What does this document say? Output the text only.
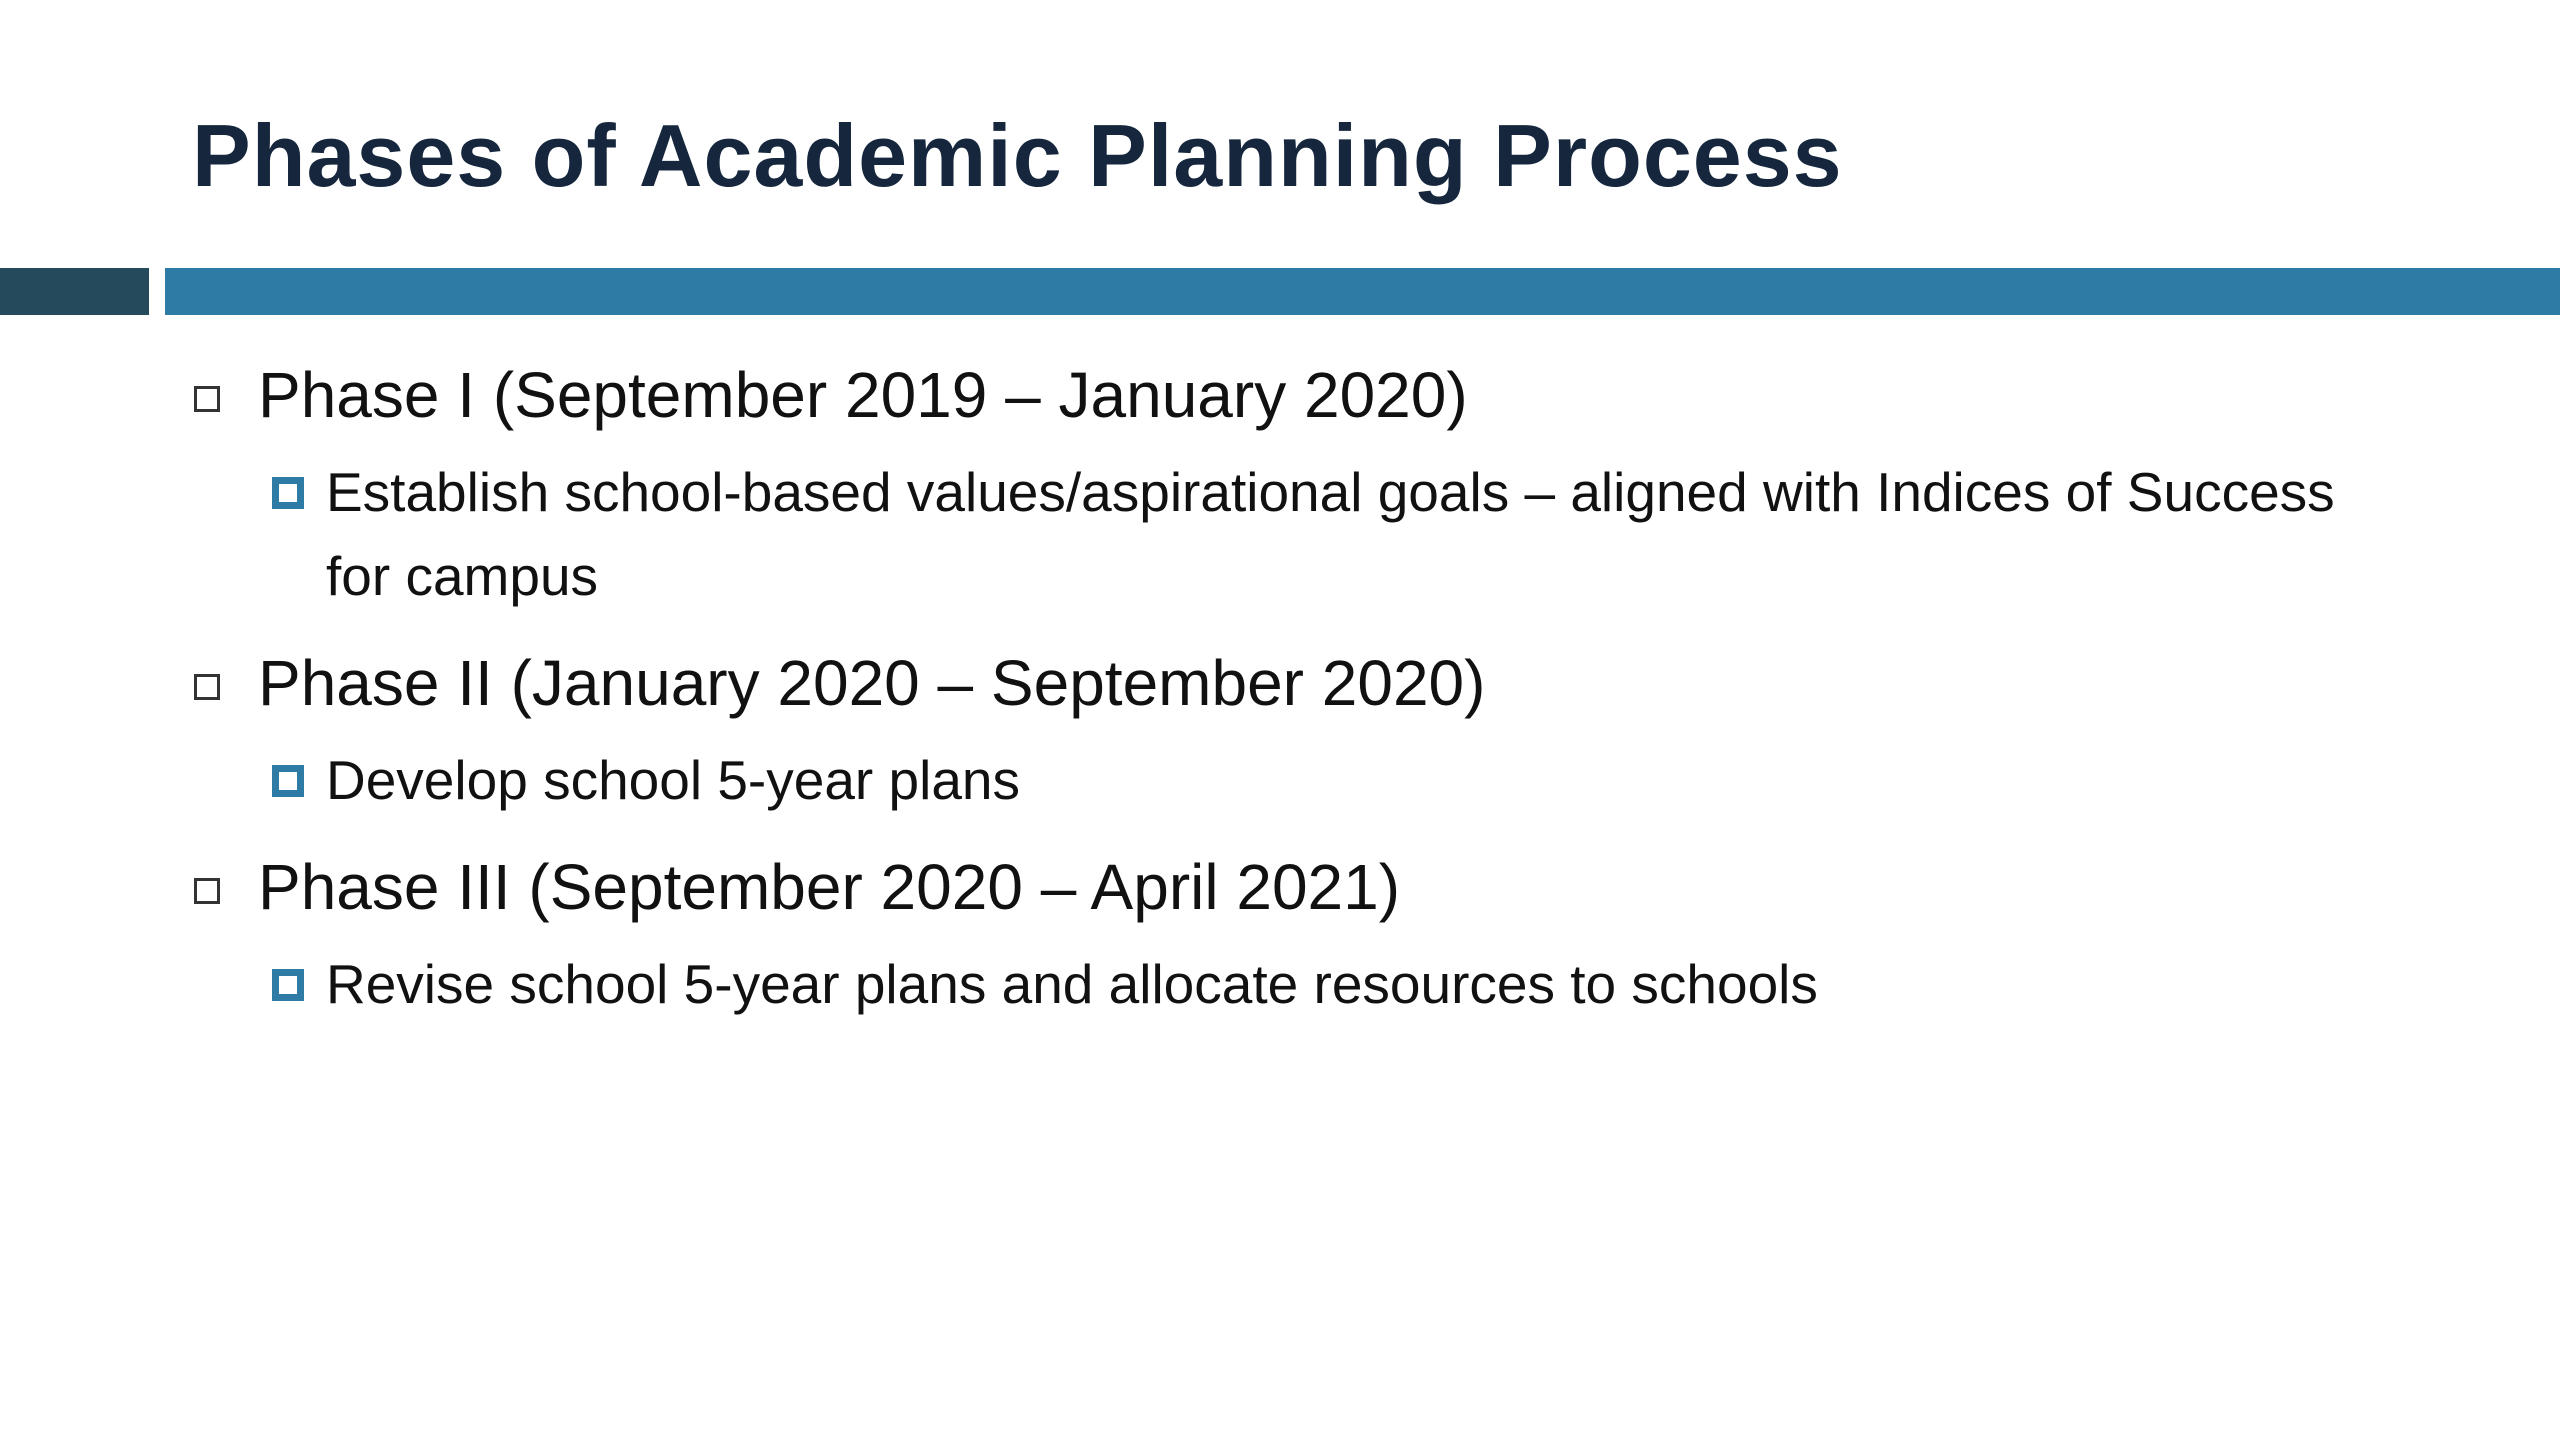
Phases of Academic Planning Process
Phase I (September 2019 – January 2020)
Establish school-based values/aspirational goals – aligned with Indices of Success for campus
Phase II (January 2020 – September 2020)
Develop school 5-year plans
Phase III (September 2020 – April 2021)
Revise school 5-year plans and allocate resources to schools
